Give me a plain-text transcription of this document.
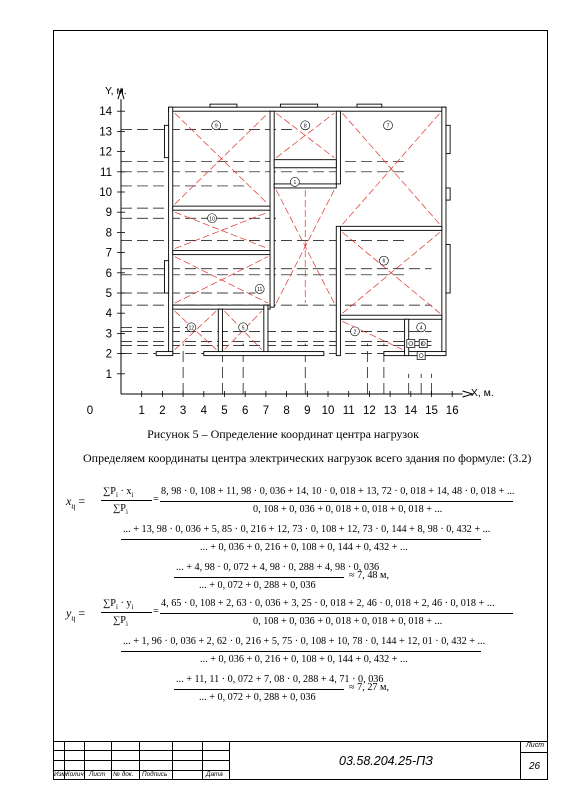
9	8	7
1
10
6
11
12	5
2
4
3
1 2 3 4 5 6 7 8 9 10 11 12 13 14 15 16
1
2
3
4
5
6
7
8
9
10
11
12
13
14
0
Y, м.
Х, м.
Рисунок 5 – Определение координат центра нагрузок
Определяем координаты центра электрических нагрузок всего здания по формуле: (3.2)
$x_ц$ =
$\sum P_i \cdot x_i$
$\sum P_i$
=
8, 98 · 0, 108 + 11, 98 · 0, 036 + 14, 10 · 0, 018 + 13, 72 · 0, 018 + 14, 48 · 0, 018 + ...
0, 108 + 0, 036 + 0, 018 + 0, 018 + 0, 018 + ...
... + 13, 98 · 0, 036 + 5, 85 · 0, 216 + 12, 73 · 0, 108 + 12, 73 · 0, 144 + 8, 98 · 0, 432 + ...
... + 0, 036 + 0, 216 + 0, 108 + 0, 144 + 0, 432 + ...
... + 4, 98 · 0, 072 + 4, 98 · 0, 288 + 4, 98 · 0, 036
... + 0, 072 + 0, 288 + 0, 036
≈ 7, 48 м,
$y_ц$ =
$\sum P_i \cdot y_i$
$\sum P_i$
=
4, 65 · 0, 108 + 2, 63 · 0, 036 + 3, 25 · 0, 018 + 2, 46 · 0, 018 + 2, 46 · 0, 018 + ...
0, 108 + 0, 036 + 0, 018 + 0, 018 + 0, 018 + ...
... + 1, 96 · 0, 036 + 2, 62 · 0, 216 + 5, 75 · 0, 108 + 10, 78 · 0, 144 + 12, 01 · 0, 432 + ...
... + 0, 036 + 0, 216 + 0, 108 + 0, 144 + 0, 432 + ...
... + 11, 11 · 0, 072 + 7, 08 · 0, 288 + 4, 71 · 0, 036
... + 0, 072 + 0, 288 + 0, 036
≈ 7, 27 м,
Изм.
Колич. Лист № док. Подпись	Дата
03.58.204.25-ПЗ
Лист
26
